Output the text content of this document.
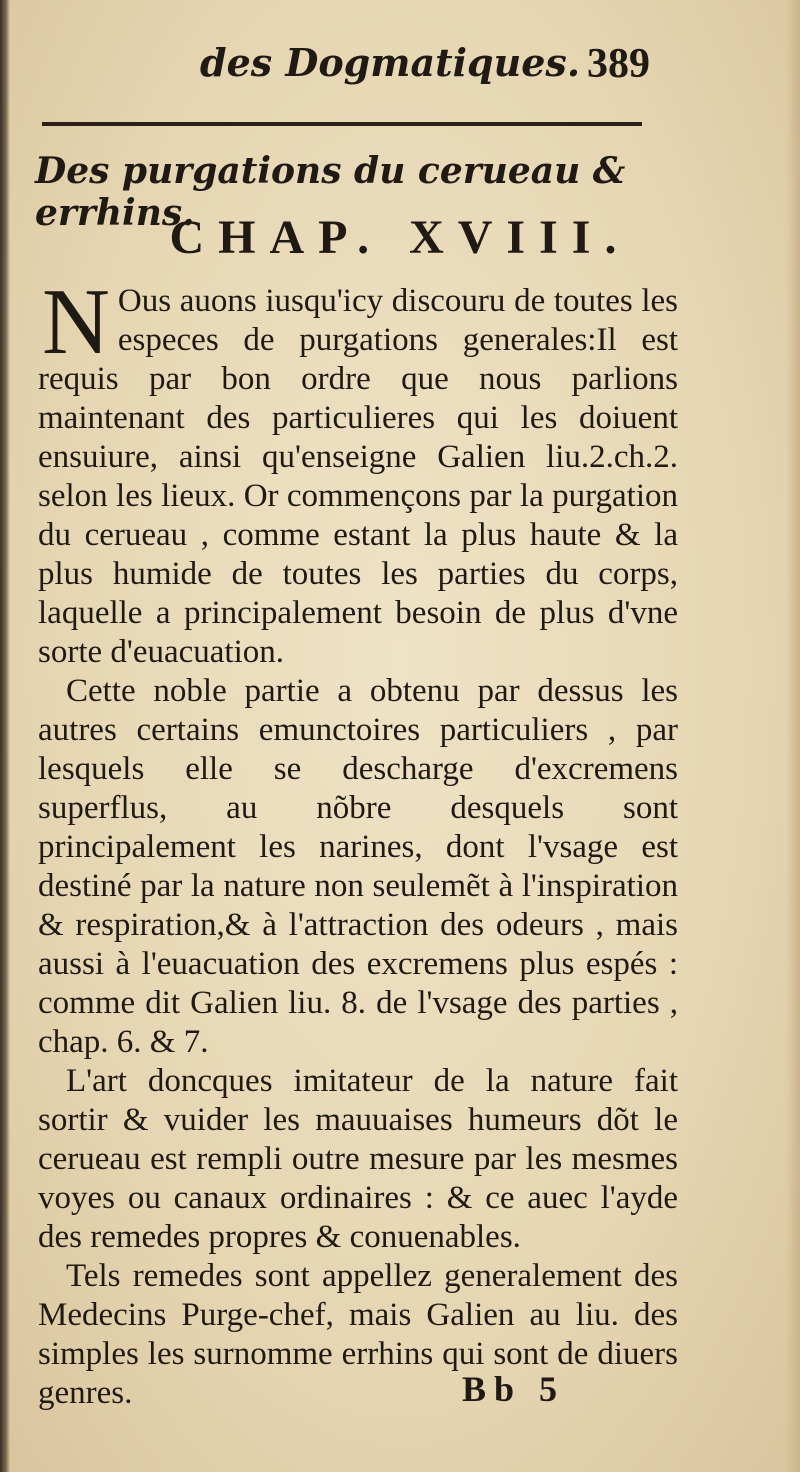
des Dogmatiques. 389
Des purgations du cerueau & errhins.
CHAP. XVIII.

N Ous auons iusqu'icy discouru de toutes les especes de purgations generales:Il est requis par bon ordre que nous parlions maintenant des particulieres qui les doiuent ensuiure, ainsi qu'enseigne Galien liu.2.ch.2. selon les lieux. Or commençons par la purgation du cerueau , comme estant la plus haute & la plus humide de toutes les parties du corps, laquelle a principalement besoin de plus d'vne sorte d'euacuation.

Cette noble partie a obtenu par dessus les autres certains emunctoires particuliers , par lesquels elle se descharge d'excremens superflus, au nõbre desquels sont principalement les narines, dont l'vsage est destiné par la nature non seulemẽt à l'inspiration & respiration,& à l'attraction des odeurs , mais aussi à l'euacuation des excremens plus espés : comme dit Galien liu. 8. de l'vsage des parties , chap. 6. & 7.

L'art doncques imitateur de la nature fait sortir & vuider les mauuaises humeurs dõt le cerueau est rempli outre mesure par les mesmes voyes ou canaux ordinaires : & ce auec l'ayde des remedes propres & conuenables.

Tels remedes sont appellez generalement des Medecins Purge-chef, mais Galien au liu. des simples les surnomme errhins qui sont de diuers genres.	Bb 5
